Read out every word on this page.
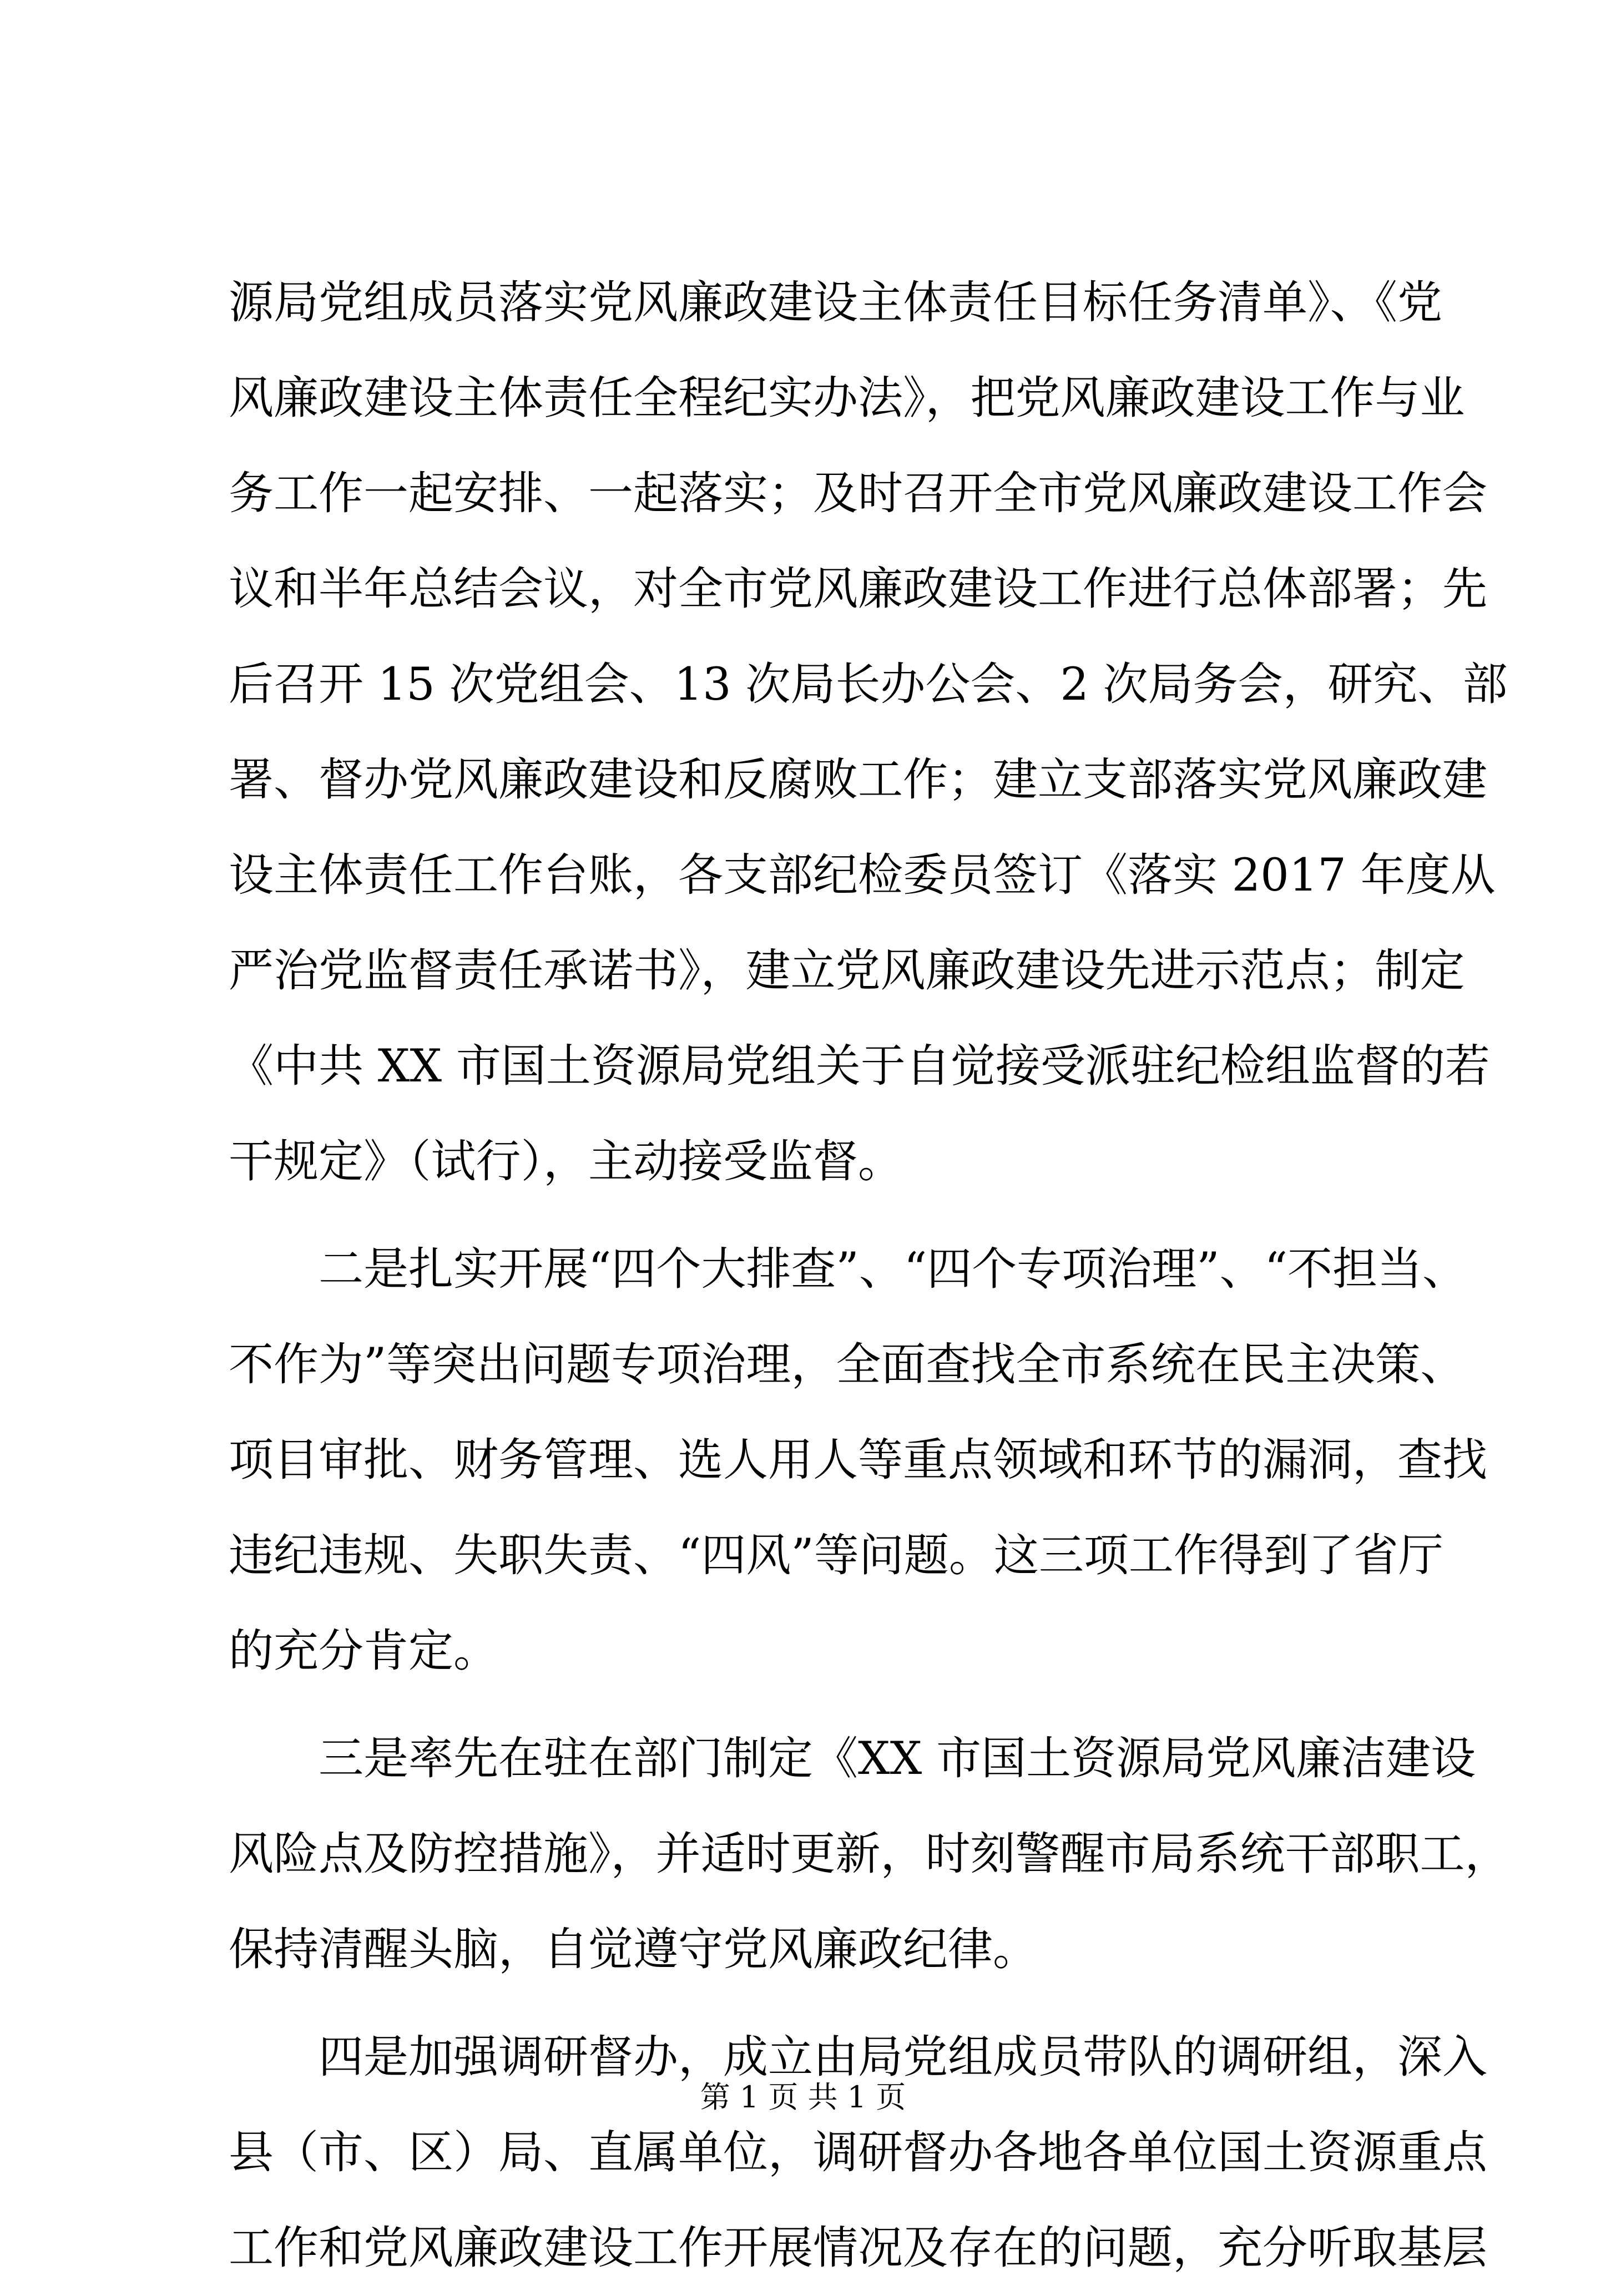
源局党组成员落实党风廉政建设主体责任目标任务清单》、《党
风廉政建设主体责任全程纪实办法》，把党风廉政建设工作与业
务工作一起安排、一起落实；及时召开全市党风廉政建设工作会
议和半年总结会议，对全市党风廉政建设工作进行总体部署；先
后召开 15 次党组会、13 次局长办公会、2 次局务会，研究、部
署、督办党风廉政建设和反腐败工作；建立支部落实党风廉政建
设主体责任工作台账，各支部纪检委员签订《落实 2017 年度从
严治党监督责任承诺书》，建立党风廉政建设先进示范点；制定
《中共 XX 市国土资源局党组关于自觉接受派驻纪检组监督的若
干规定》（试行），主动接受监督。
二是扎实开展“四个大排查”、“四个专项治理”、“不担当、
不作为”等突出问题专项治理，全面查找全市系统在民主决策、
项目审批、财务管理、选人用人等重点领域和环节的漏洞，查找
违纪违规、失职失责、“四风”等问题。这三项工作得到了省厅
的充分肯定。
三是率先在驻在部门制定《XX 市国土资源局党风廉洁建设
风险点及防控措施》，并适时更新，时刻警醒市局系统干部职工，
保持清醒头脑，自觉遵守党风廉政纪律。
四是加强调研督办，成立由局党组成员带队的调研组，深入
县（市、区）局、直属单位，调研督办各地各单位国土资源重点
工作和党风廉政建设工作开展情况及存在的问题，充分听取基层
第 1 页 共 1 页
